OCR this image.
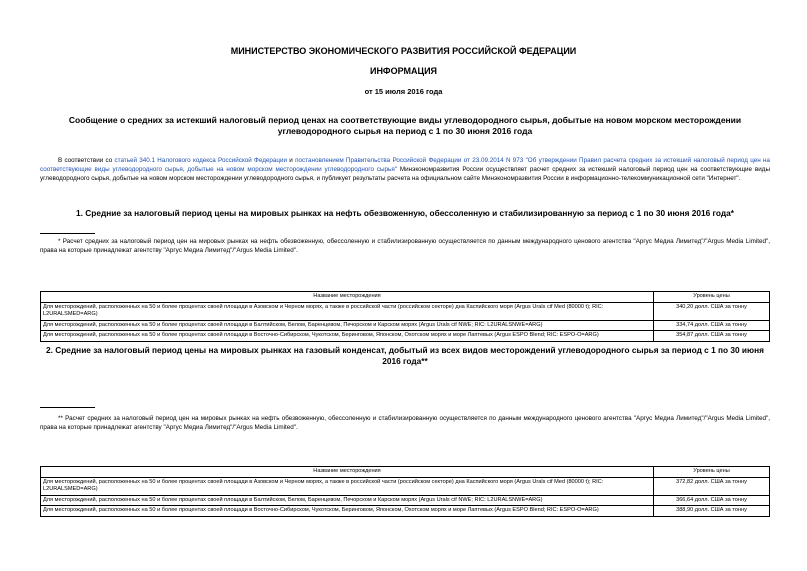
МИНИСТЕРСТВО ЭКОНОМИЧЕСКОГО РАЗВИТИЯ РОССИЙСКОЙ ФЕДЕРАЦИИ
ИНФОРМАЦИЯ
от 15 июля 2016 года
Сообщение о средних за истекший налоговый период ценах на соответствующие виды углеводородного сырья, добытые на новом морском месторождении углеводородного сырья на период с 1 по 30 июня 2016 года
В соответствии со статьей 340.1 Налогового кодекса Российской Федерации и постановлением Правительства Российской Федерации от 23.09.2014 N 973 "Об утверждении Правил расчета средних за истекший налоговый период цен на соответствующие виды углеводородного сырья, добытые на новом морском месторождении углеводородного сырья" Минэкономразвития России осуществляет расчет средних за истекший налоговый период цен на соответствующие виды углеводородного сырья, добытые на новом морском месторождении углеводородного сырья, и публикует результаты расчета на официальном сайте Минэкономразвития России в информационно-телекоммуникационной сети "Интернет".
1. Средние за налоговый период цены на мировых рынках на нефть обезвоженную, обессоленную и стабилизированную за период с 1 по 30 июня 2016 года*
* Расчет средних за налоговый период цен на мировых рынках на нефть обезвоженную, обессоленную и стабилизированную осуществляется по данным международного ценового агентства "Аргус Медиа Лимитед"/"Argus Media Limited", права на которые принадлежат агентству "Аргус Медиа Лимитед"/"Argus Media Limited".
Название месторождения	Уровень цены
Для месторождений, расположенных на 50 и более процентах своей площади в Азовском и Черном морях, а также в российской части (российском секторе) дна Каспийского моря (Argus Urals cif Med (80000 t); RIC: L2URALSMED=ARG)	340,20 долл. США за тонну
Для месторождений, расположенных на 50 и более процентах своей площади в Балтийском, Белом, Баренцевом, Печорском и Карском морях (Argus Urals cif NWE; RIC: L2URALSNWE=ARG)	334,74 долл. США за тонну
Для месторождений, расположенных на 50 и более процентах своей площади в Восточно-Сибирском, Чукотском, Беринговом, Японском, Охотском морях и море Лаптевых (Argus ESPO Blend; RIC: ESPO-O=ARG)	354,87 долл. США за тонну
2. Средние за налоговый период цены на мировых рынках на газовый конденсат, добытый из всех видов месторождений углеводородного сырья за период с 1 по 30 июня 2016 года**
** Расчет средних за налоговый период цен на мировых рынках на нефть обезвоженную, обессоленную и стабилизированную осуществляется по данным международного ценового агентства "Аргус Медиа Лимитед"/"Argus Media Limited", права на которые принадлежат агентству "Аргус Медиа Лимитед"/"Argus Media Limited".
Название месторождения	Уровень цены
Для месторождений, расположенных на 50 и более процентах своей площади в Азовском и Черном морях, а также в российской части (российском секторе) дна Каспийского моря (Argus Urals cif Med (80000 t); RIC: L2URALSMED=ARG)	372,82 долл. США за тонну
Для месторождений, расположенных на 50 и более процентах своей площади в Балтийском, Белом, Баренцевом, Печорском и Карском морях (Argus Urals cif NWE; RIC: L2URALSNWE=ARG)	366,64 долл. США за тонну
Для месторождений, расположенных на 50 и более процентах своей площади в Восточно-Сибирском, Чукотском, Беринговом, Японском, Охотском морях и море Лаптевых (Argus ESPO Blend; RIC: ESPO-O=ARG)	388,90 долл. США за тонну
